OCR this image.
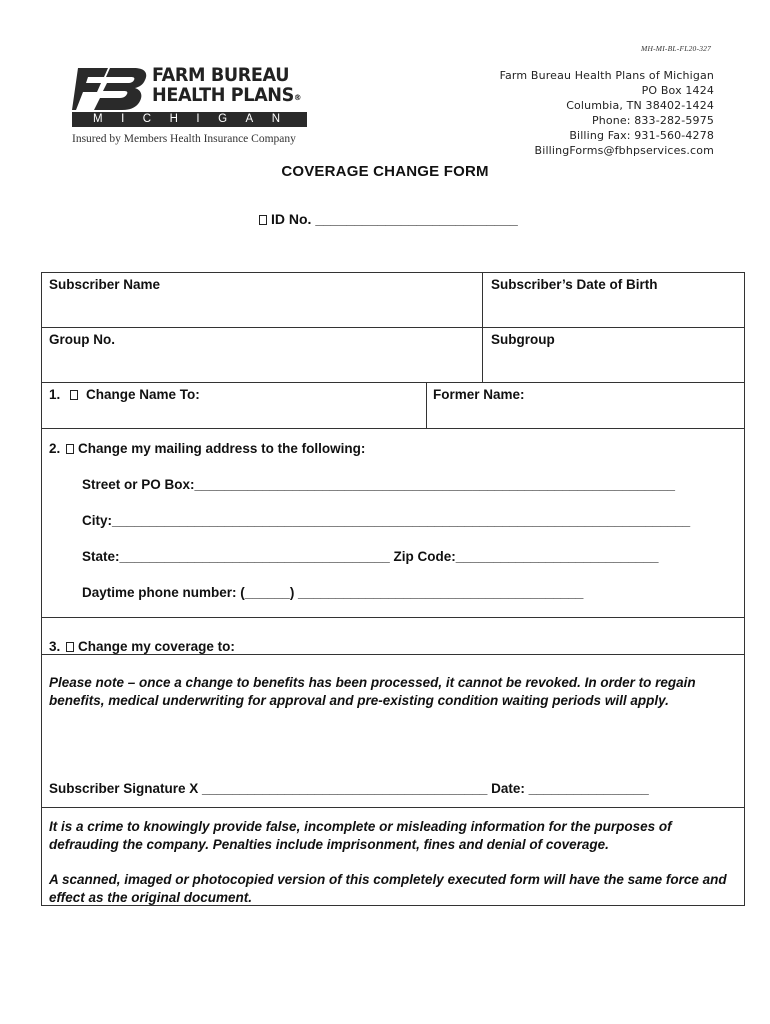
MH-MI-BL-FL20-327
FARM BUREAU
HEALTH PLANS®
MICHIGAN
Insured by Members Health Insurance Company
Farm Bureau Health Plans of Michigan
PO Box 1424
Columbia, TN 38402-1424
Phone: 833-282-5975
Billing Fax: 931-560-4278
BillingForms@fbhpservices.com
COVERAGE CHANGE FORM
ID No. __________________________
Subscriber Name	Subscriber’s Date of Birth
Group No.	Subgroup
1. Change Name To:	Former Name:
2. Change my mailing address to the following:
Street or PO Box:________________________________________________________________
City:_____________________________________________________________________________
State:____________________________________ Zip Code:___________________________
Daytime phone number: (______) ______________________________________
3. Change my coverage to:
Please note – once a change to benefits has been processed, it cannot be revoked. In order to regain benefits, medical underwriting for approval and pre-existing condition waiting periods will apply.
Subscriber Signature X ______________________________________ Date: ________________
It is a crime to knowingly provide false, incomplete or misleading information for the purposes of defrauding the company. Penalties include imprisonment, fines and denial of coverage.
A scanned, imaged or photocopied version of this completely executed form will have the same force and effect as the original document.
